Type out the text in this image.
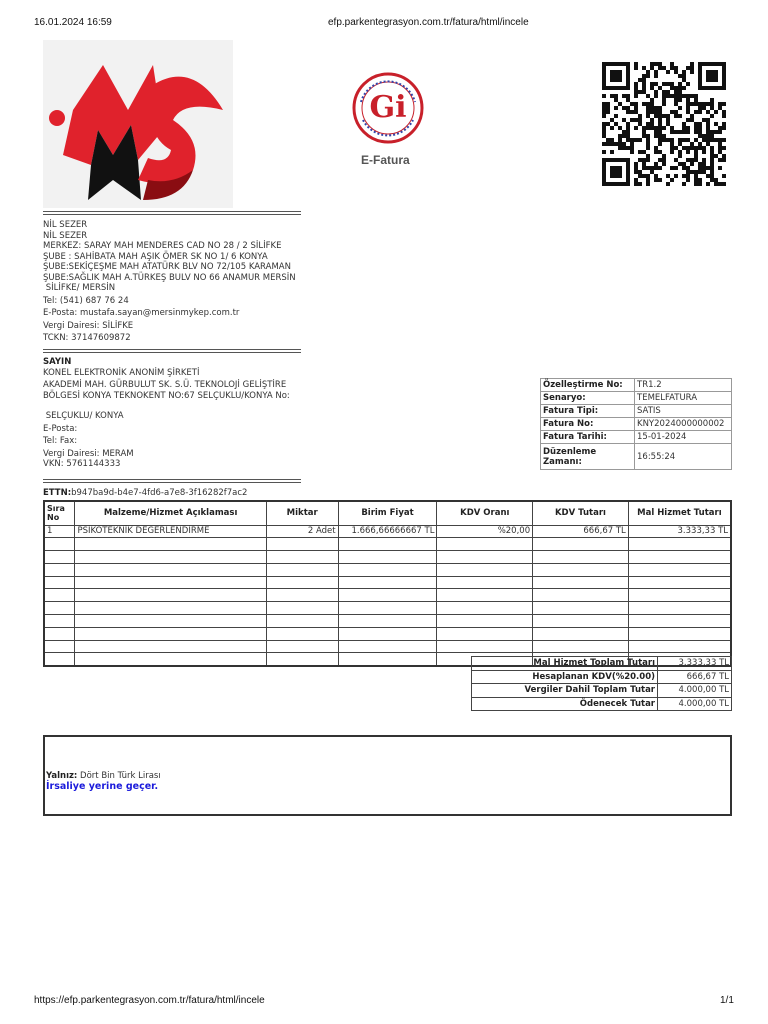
16.01.2024 16:59	efp.parkentegrasyon.com.tr/fatura/html/incele
Gi
E-Fatura

NİL SEZER

NİL SEZER

MERKEZ: SARAY MAH MENDERES CAD NO 28 / 2 SİLİFKE

ŞUBE : SAHİBATA MAH AŞIK ÖMER SK NO 1/ 6 KONYA

ŞUBE:SEKİÇEŞME MAH ATATÜRK BLV NO 72/105 KARAMAN

ŞUBE:SAĞLIK MAH A.TÜRKEŞ BULV NO 66 ANAMUR MERSİN

SİLİFKE/ MERSİN

Tel: (541) 687 76 24

E-Posta: mustafa.sayan@mersinmykep.com.tr

Vergi Dairesi: SİLİFKE

TCKN: 37147609872

SAYIN

KONEL ELEKTRONİK ANONİM ŞİRKETİ

AKADEMİ MAH. GÜRBULUT SK. S.Ü. TEKNOLOJİ GELİŞTİRE

BÖLGESİ KONYA TEKNOKENT NO:67 SELÇUKLU/KONYA No:

SELÇUKLU/ KONYA

E-Posta:

Tel: Fax:

Vergi Dairesi: MERAM

VKN: 5761144333

Özelleştirme No:	TR1.2
Senaryo:	TEMELFATURA
Fatura Tipi:	SATIS
Fatura No:	KNY2024000000002
Fatura Tarihi:	15-01-2024
Düzenleme Zamanı:	16:55:24
ETTN:b947ba9d-b4e7-4fd6-a7e8-3f16282f7ac2
Sıra No	Malzeme/Hizmet Açıklaması	Miktar	Birim Fiyat	KDV Oranı	KDV Tutarı	Mal Hizmet Tutarı
1	PSİKOTEKNİK DEGERLENDİRME	2 Adet	1.666,66666667 TL	%20,00	666,67 TL	3.333,33 TL

Mal Hizmet Toplam Tutarı	3.333,33 TL
Hesaplanan KDV(%20.00)	666,67 TL
Vergiler Dahil Toplam Tutar	4.000,00 TL
Ödenecek Tutar	4.000,00 TL
Yalnız: Dört Bin Türk Lirası
İrsaliye yerine geçer.
https://efp.parkentegrasyon.com.tr/fatura/html/incele	1/1
